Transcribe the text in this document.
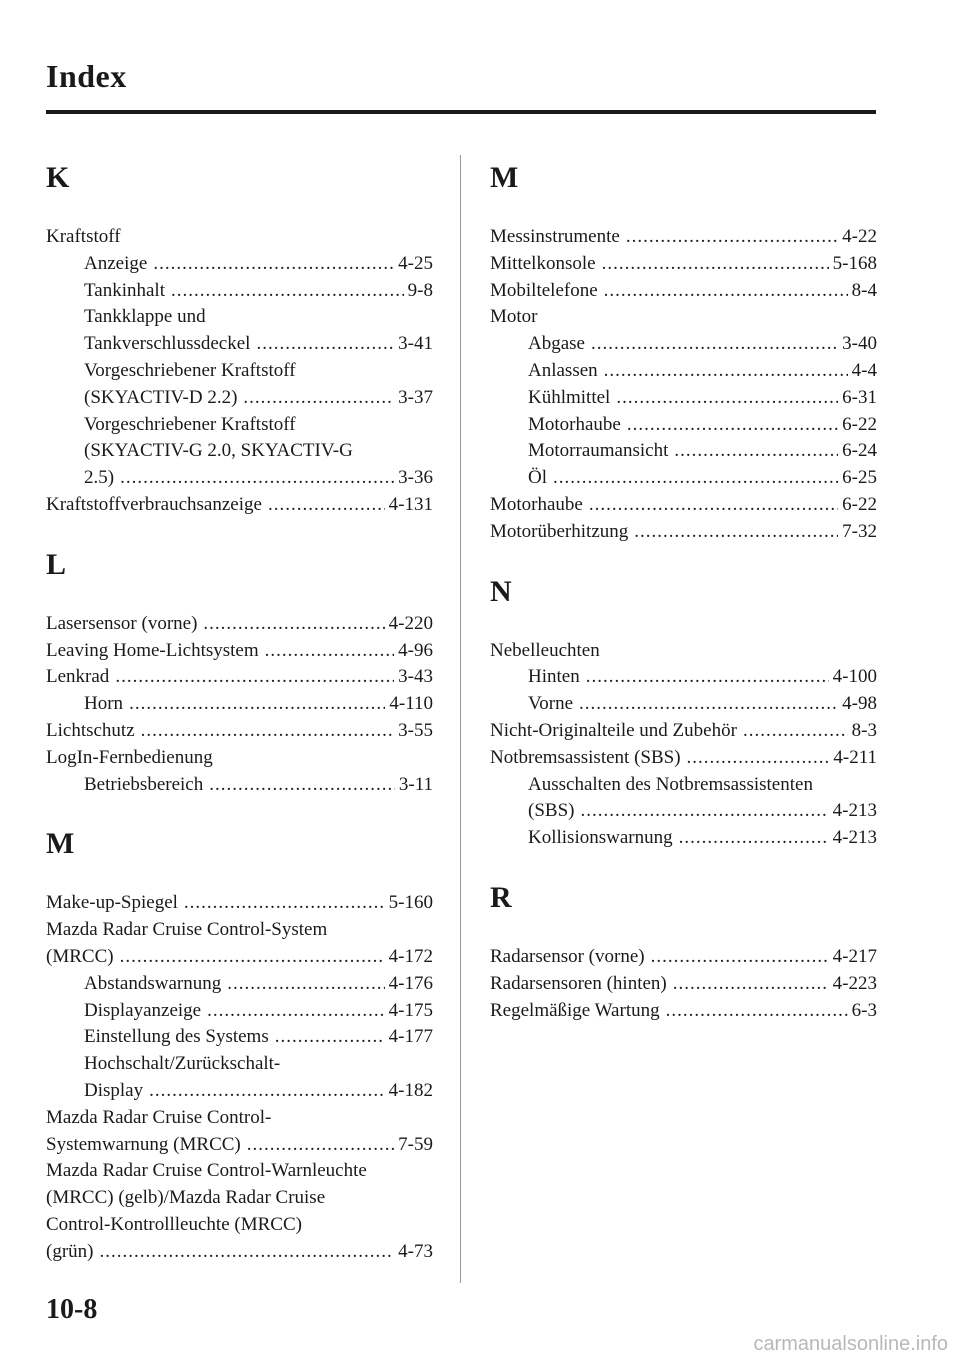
Index
K
Kraftstoff
Anzeige .....	4-25
Tankinhalt .....	9-8
Tankklappe und
Tankverschlussdeckel .....	3-41
Vorgeschriebener Kraftstoff
(SKYACTIV-D 2.2) .....	3-37
Vorgeschriebener Kraftstoff
(SKYACTIV-G 2.0, SKYACTIV-G
2.5) .....	3-36
Kraftstoffverbrauchsanzeige .....	4-131
L
Lasersensor (vorne) .....	4-220
Leaving Home-Lichtsystem .....	4-96
Lenkrad .....	3-43
Horn .....	4-110
Lichtschutz .....	3-55
LogIn-Fernbedienung
Betriebsbereich .....	3-11
M
Make-up-Spiegel .....	5-160
Mazda Radar Cruise Control-System
(MRCC) .....	4-172
Abstandswarnung .....	4-176
Displayanzeige .....	4-175
Einstellung des Systems .....	4-177
Hochschalt/Zurückschalt-
Display .....	4-182
Mazda Radar Cruise Control-
Systemwarnung (MRCC) .....	7-59
Mazda Radar Cruise Control-Warnleuchte
(MRCC) (gelb)/Mazda Radar Cruise
Control-Kontrollleuchte (MRCC)
(grün) .....	4-73
M
Messinstrumente .....	4-22
Mittelkonsole .....	5-168
Mobiltelefone .....	8-4
Motor
Abgase .....	3-40
Anlassen .....	4-4
Kühlmittel .....	6-31
Motorhaube .....	6-22
Motorraumansicht .....	6-24
Öl .....	6-25
Motorhaube .....	6-22
Motorüberhitzung .....	7-32
N
Nebelleuchten
Hinten .....	4-100
Vorne .....	4-98
Nicht-Originalteile und Zubehör .....	8-3
Notbremsassistent (SBS) .....	4-211
Ausschalten des Notbremsassistenten
(SBS) .....	4-213
Kollisionswarnung .....	4-213
R
Radarsensor (vorne) .....	4-217
Radarsensoren (hinten) .....	4-223
Regelmäßige Wartung .....	6-3
10-8
carmanualsonline.info
